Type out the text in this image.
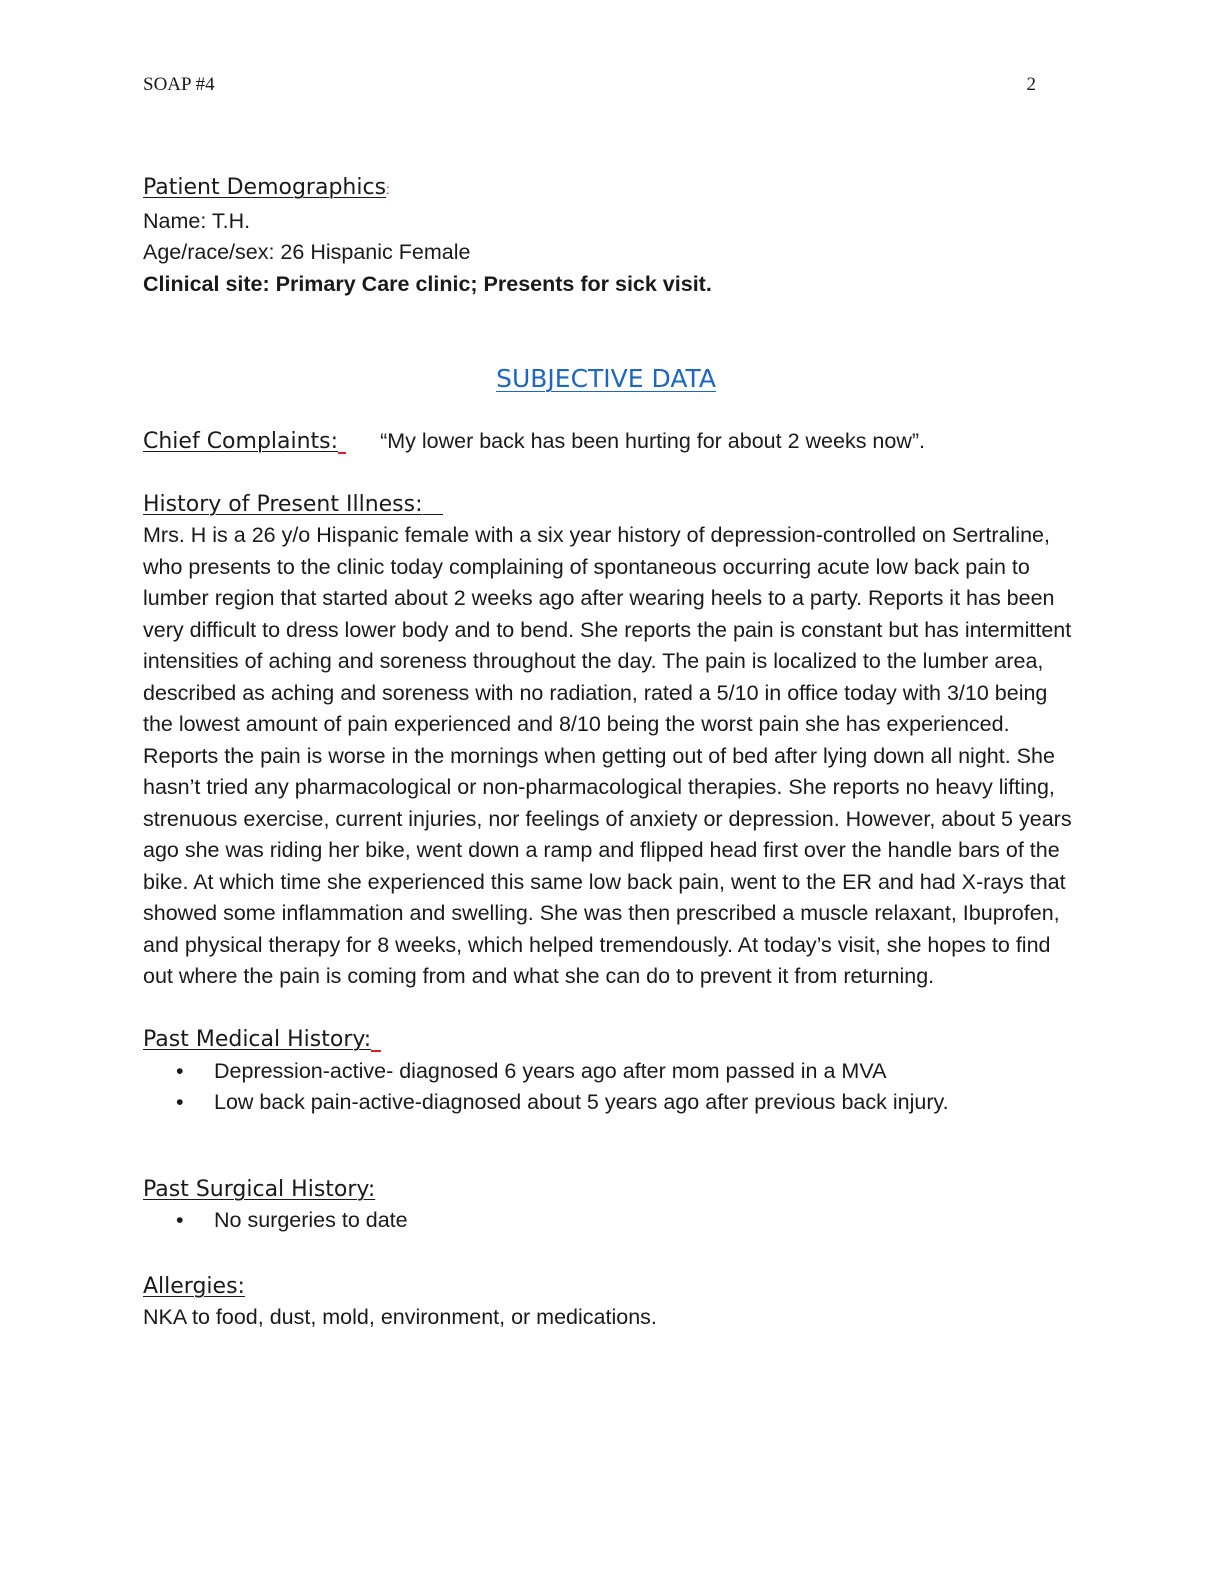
SOAP #4	2

Patient Demographics:

Name: T.H.

Age/race/sex: 26 Hispanic Female

Clinical site: Primary Care clinic; Presents for sick visit.

SUBJECTIVE DATA

Chief Complaints: “My lower back has been hurting for about 2 weeks now”.

History of Present Illness:

Mrs. H is a 26 y/o Hispanic female with a six year history of depression-controlled on Sertraline, who presents to the clinic today complaining of spontaneous occurring acute low back pain to lumber region that started about 2 weeks ago after wearing heels to a party. Reports it has been very difficult to dress lower body and to bend. She reports the pain is constant but has intermittent intensities of aching and soreness throughout the day. The pain is localized to the lumber area, described as aching and soreness with no radiation, rated a 5/10 in office today with 3/10 being the lowest amount of pain experienced and 8/10 being the worst pain she has experienced. Reports the pain is worse in the mornings when getting out of bed after lying down all night. She hasn’t tried any pharmacological or non-pharmacological therapies. She reports no heavy lifting, strenuous exercise, current injuries, nor feelings of anxiety or depression. However, about 5 years ago she was riding her bike, went down a ramp and flipped head first over the handle bars of the bike. At which time she experienced this same low back pain, went to the ER and had X-rays that showed some inflammation and swelling. She was then prescribed a muscle relaxant, Ibuprofen, and physical therapy for 8 weeks, which helped tremendously. At today’s visit, she hopes to find out where the pain is coming from and what she can do to prevent it from returning.

Past Medical History:

• Depression-active- diagnosed 6 years ago after mom passed in a MVA
• Low back pain-active-diagnosed about 5 years ago after previous back injury.

Past Surgical History:

• No surgeries to date

Allergies:

NKA to food, dust, mold, environment, or medications.
